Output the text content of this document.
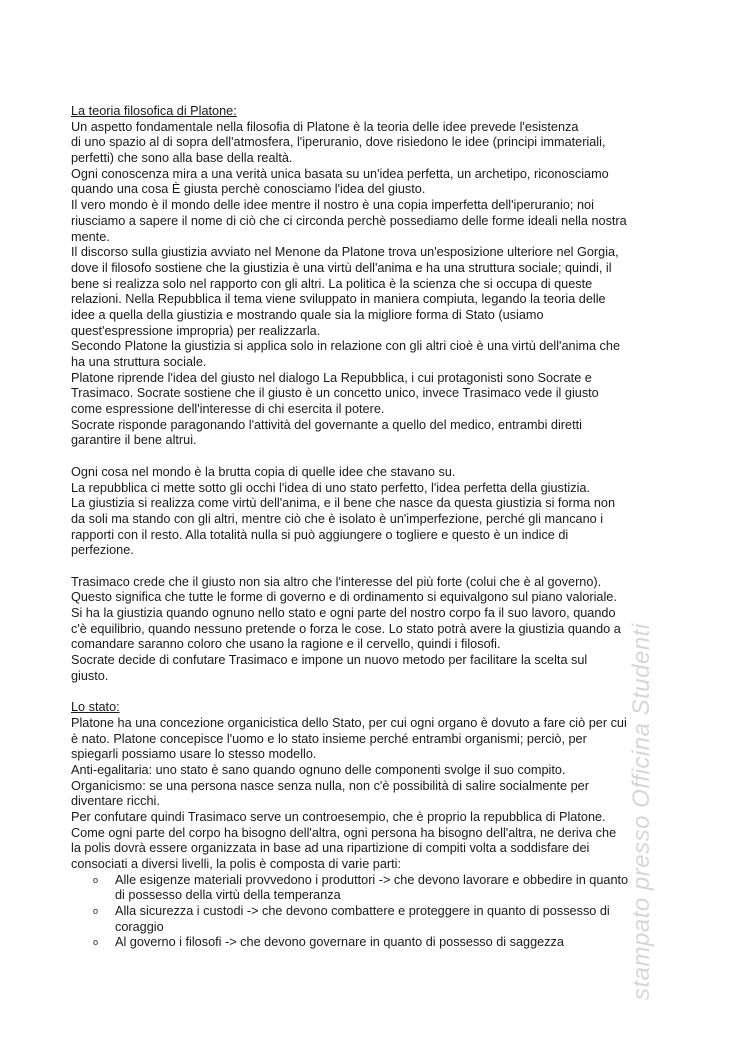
La teoria filosofica di Platone:
Un aspetto fondamentale nella filosofia di Platone è la teoria delle idee prevede l'esistenza
di uno spazio al di sopra dell'atmosfera, l'iperuranio, dove risiedono le idee (principi immateriali,
perfetti) che sono alla base della realtà.
Ogni conoscenza mira a una verità unica basata su un'idea perfetta, un archetipo, riconosciamo
quando una cosa È giusta perchè conosciamo l'idea del giusto.
Il vero mondo è il mondo delle idee mentre il nostro è una copia imperfetta dell'iperuranio; noi
riusciamo a sapere il nome di ciò che ci circonda perchè possediamo delle forme ideali nella nostra
mente.
Il discorso sulla giustizia avviato nel Menone da Platone trova un'esposizione ulteriore nel Gorgia,
dove il filosofo sostiene che la giustizia è una virtù dell'anima e ha una struttura sociale; quindi, il
bene si realizza solo nel rapporto con gli altri. La politica è la scienza che si occupa di queste
relazioni. Nella Repubblica il tema viene sviluppato in maniera compiuta, legando la teoria delle
idee a quella della giustizia e mostrando quale sia la migliore forma di Stato (usiamo
quest'espressione impropria) per realizzarla.
Secondo Platone la giustizia si applica solo in relazione con gli altri cioè è una virtù dell'anima che
ha una struttura sociale.
Platone riprende l'idea del giusto nel dialogo La Repubblica, i cui protagonisti sono Socrate e
Trasimaco. Socrate sostiene che il giusto è un concetto unico, invece Trasimaco vede il giusto
come espressione dell'interesse di chi esercita il potere.
Socrate risponde paragonando l'attività del governante a quello del medico, entrambi diretti
garantire il bene altrui.
Ogni cosa nel mondo è la brutta copia di quelle idee che stavano su.
La repubblica ci mette sotto gli occhi l'idea di uno stato perfetto, l'idea perfetta della giustizia.
La giustizia si realizza come virtù dell'anima, e il bene che nasce da questa giustizia si forma non
da soli ma stando con gli altri, mentre ciò che è isolato è un'imperfezione, perché gli mancano i
rapporti con il resto. Alla totalità nulla si può aggiungere o togliere e questo è un indice di
perfezione.
Trasimaco crede che il giusto non sia altro che l'interesse del più forte (colui che è al governo).
Questo significa che tutte le forme di governo e di ordinamento si equivalgono sul piano valoriale.
Si ha la giustizia quando ognuno nello stato e ogni parte del nostro corpo fa il suo lavoro, quando
c'è equilibrio, quando nessuno pretende o forza le cose. Lo stato potrà avere la giustizia quando a
comandare saranno coloro che usano la ragione e il cervello, quindi i filosofi.
Socrate decide di confutare Trasimaco e impone un nuovo metodo per facilitare la scelta sul
giusto.
Lo stato:
Platone ha una concezione organicistica dello Stato, per cui ogni organo è dovuto a fare ciò per cui
è nato. Platone concepisce l'uomo e lo stato insieme perché entrambi organismi; perciò, per
spiegarli possiamo usare lo stesso modello.
Anti-egalitaria: uno stato è sano quando ognuno delle componenti svolge il suo compito.
Organicismo: se una persona nasce senza nulla, non c'è possibilità di salire socialmente per
diventare ricchi.
Per confutare quindi Trasimaco serve un controesempio, che è proprio la repubblica di Platone.
Come ogni parte del corpo ha bisogno dell'altra, ogni persona ha bisogno dell'altra, ne deriva che
la polis dovrà essere organizzata in base ad una ripartizione di compiti volta a soddisfare dei
consociati a diversi livelli, la polis è composta di varie parti:
o Alle esigenze materiali provvedono i produttori -> che devono lavorare e obbedire in quanto
di possesso della virtù della temperanza
o Alla sicurezza i custodi -> che devono combattere e proteggere in quanto di possesso di
coraggio
o Al governo i filosofi -> che devono governare in quanto di possesso di saggezza	stampato presso Officina Studenti
